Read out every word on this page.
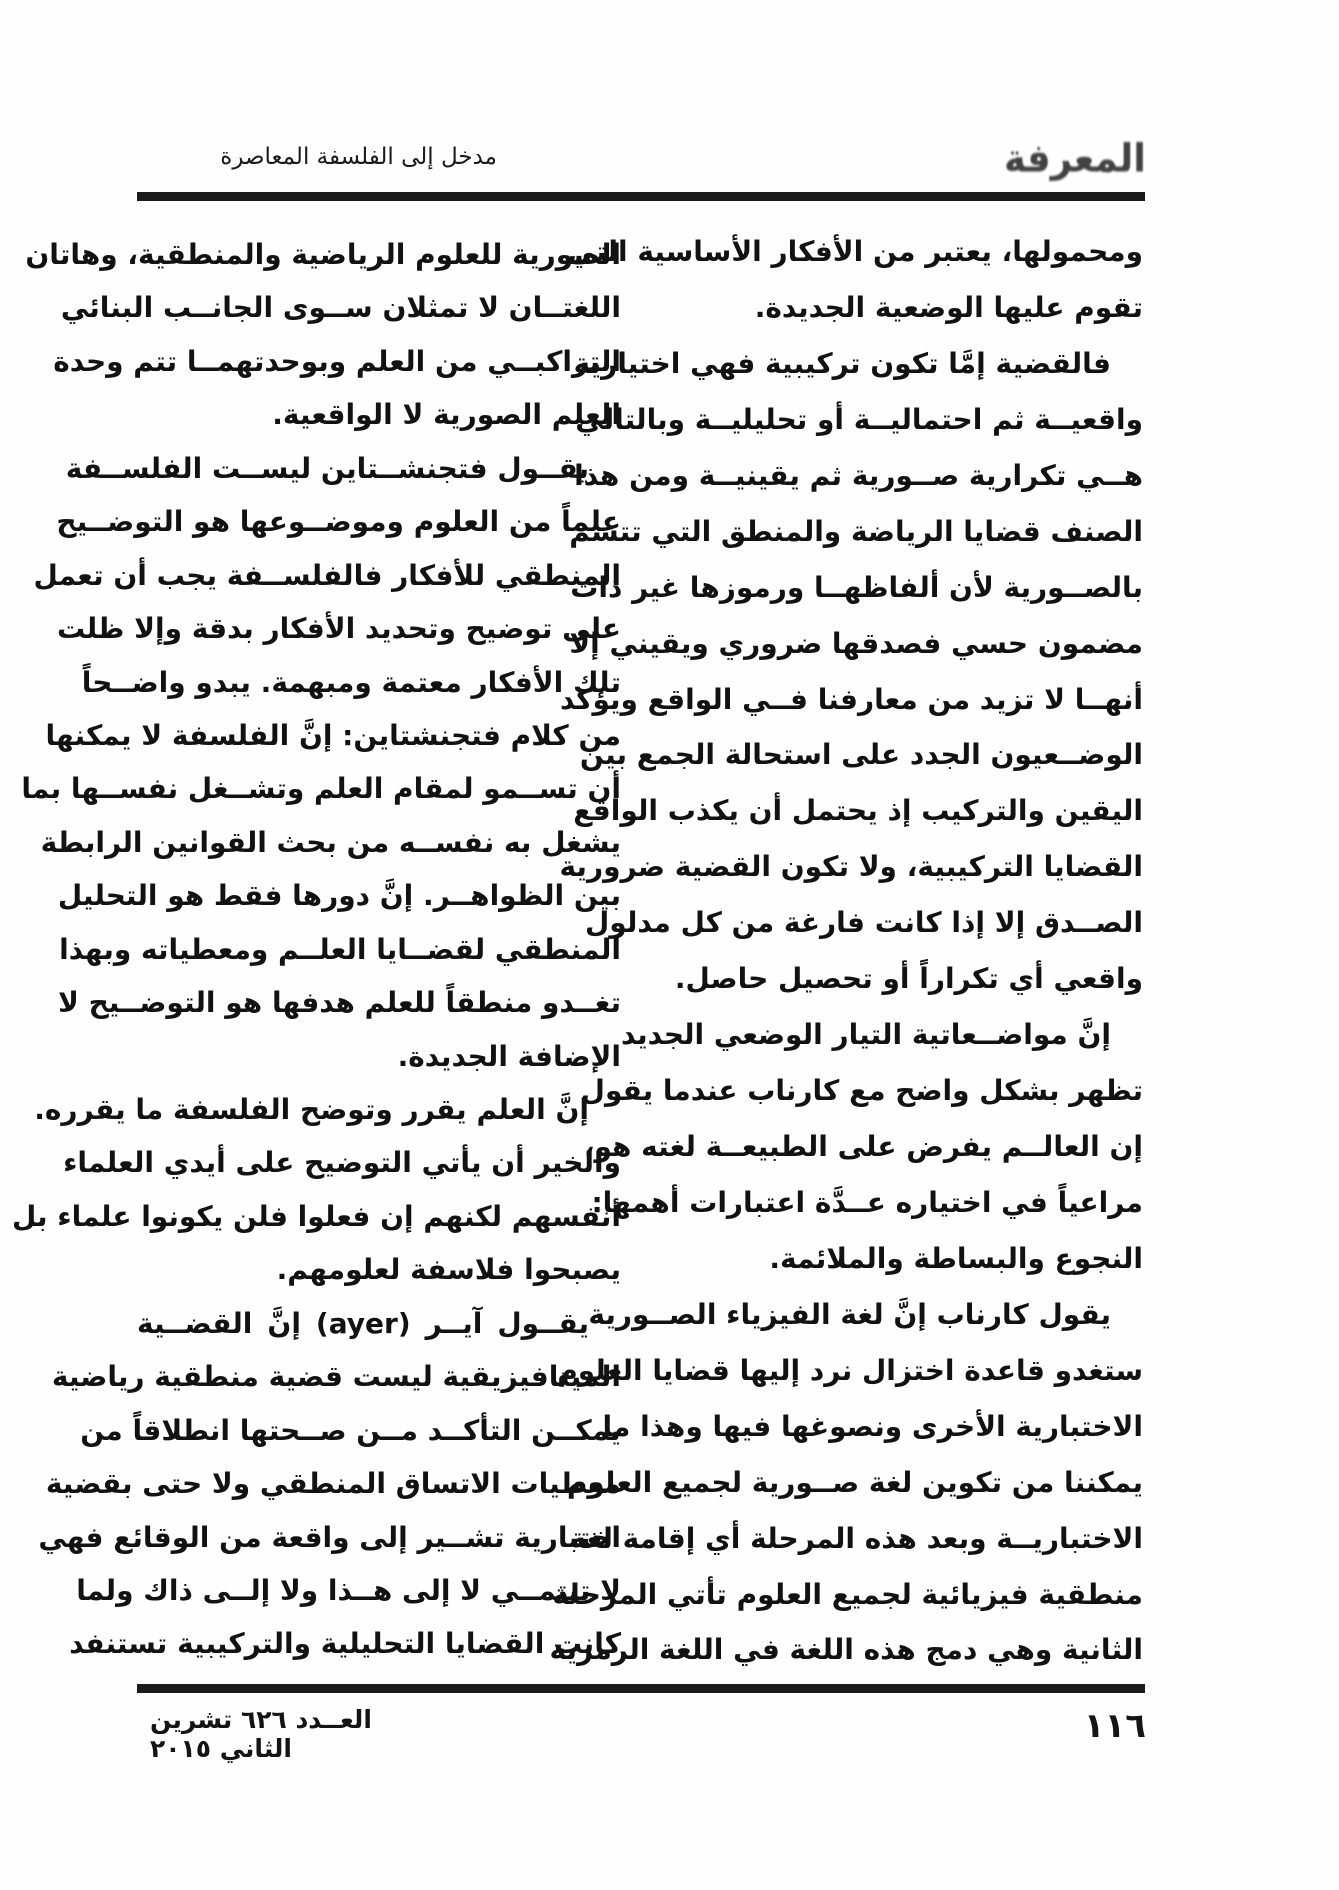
مدخل إلى الفلسفة المعاصرة	المعرفة
ومحمولها، يعتبر من الأفكار الأساسية التي
تقوم عليها الوضعية الجديدة.
فالقضية إمَّا تكون تركيبية فهي اختيارية
واقعيــة ثم احتماليــة أو تحليليــة وبالتالي
هــي تكرارية صــورية ثم يقينيــة ومن هذا
الصنف قضايا الرياضة والمنطق التي تتسم
بالصــورية لأن ألفاظهــا ورموزها غير ذات
مضمون حسي فصدقها ضروري ويقيني إلا
أنهــا لا تزيد من معارفنا فــي الواقع ويؤكد
الوضــعيون الجدد على استحالة الجمع بين
اليقين والتركيب إذ يحتمل أن يكذب الواقع
القضايا التركيبية، ولا تكون القضية ضرورية
الصــدق إلا إذا كانت فارغة من كل مدلول
واقعي أي تكراراً أو تحصيل حاصل.
إنَّ مواضــعاتية التيار الوضعي الجديد
تظهر بشكل واضح مع كارناب عندما يقول
إن العالــم يفرض على الطبيعــة لغته هو،
مراعياً في اختياره عــدَّة اعتبارات أهمها:
النجوع والبساطة والملائمة.
يقول كارناب إنَّ لغة الفيزياء الصــورية
ستغدو قاعدة اختزال نرد إليها قضايا العلوم
الاختبارية الأخرى ونصوغها فيها وهذا ما
يمكننا من تكوين لغة صــورية لجميع العلوم
الاختباريــة وبعد هذه المرحلة أي إقامة لغة
منطقية فيزيائية لجميع العلوم تأتي المرحلة
الثانية وهي دمج هذه اللغة في اللغة الرمزية
الصورية للعلوم الرياضية والمنطقية، وهاتان
اللغتــان لا تمثلان ســوى الجانــب البنائي
التراكبــي من العلم وبوحدتهمــا تتم وحدة
العلم الصورية لا الواقعية.
يقــول فتجنشــتاين ليســت الفلســفة
علماً من العلوم وموضــوعها هو التوضــيح
المنطقي للأفكار فالفلســفة يجب أن تعمل
على توضيح وتحديد الأفكار بدقة وإلا ظلت
تلك الأفكار معتمة ومبهمة. يبدو واضــحاً
من كلام فتجنشتاين: إنَّ الفلسفة لا يمكنها
أن تســمو لمقام العلم وتشــغل نفســها بما
يشغل به نفســه من بحث القوانين الرابطة
بين الظواهــر. إنَّ دورها فقط هو التحليل
المنطقي لقضــايا العلــم ومعطياته وبهذا
تغــدو منطقاً للعلم هدفها هو التوضــيح لا
الإضافة الجديدة.
إنَّ العلم يقرر وتوضح الفلسفة ما يقرره.
والخير أن يأتي التوضيح على أيدي العلماء
أنفسهم لكنهم إن فعلوا فلن يكونوا علماء بل
يصبحوا فلاسفة لعلومهم.
يقــول آيــر (ayer) إنَّ القضــية
الميتافيزيقية ليست قضية منطقية رياضية
يمكــن التأكــد مــن صــحتها انطلاقاً من
معطيات الاتساق المنطقي ولا حتى بقضية
اختبارية تشــير إلى واقعة من الوقائع فهي
لا تنتمــي لا إلى هــذا ولا إلــى ذاك ولما
كانت القضايا التحليلية والتركيبية تستنفد
العــدد ٦٢٦ تشرين الثاني ٢٠١٥
١١٦
